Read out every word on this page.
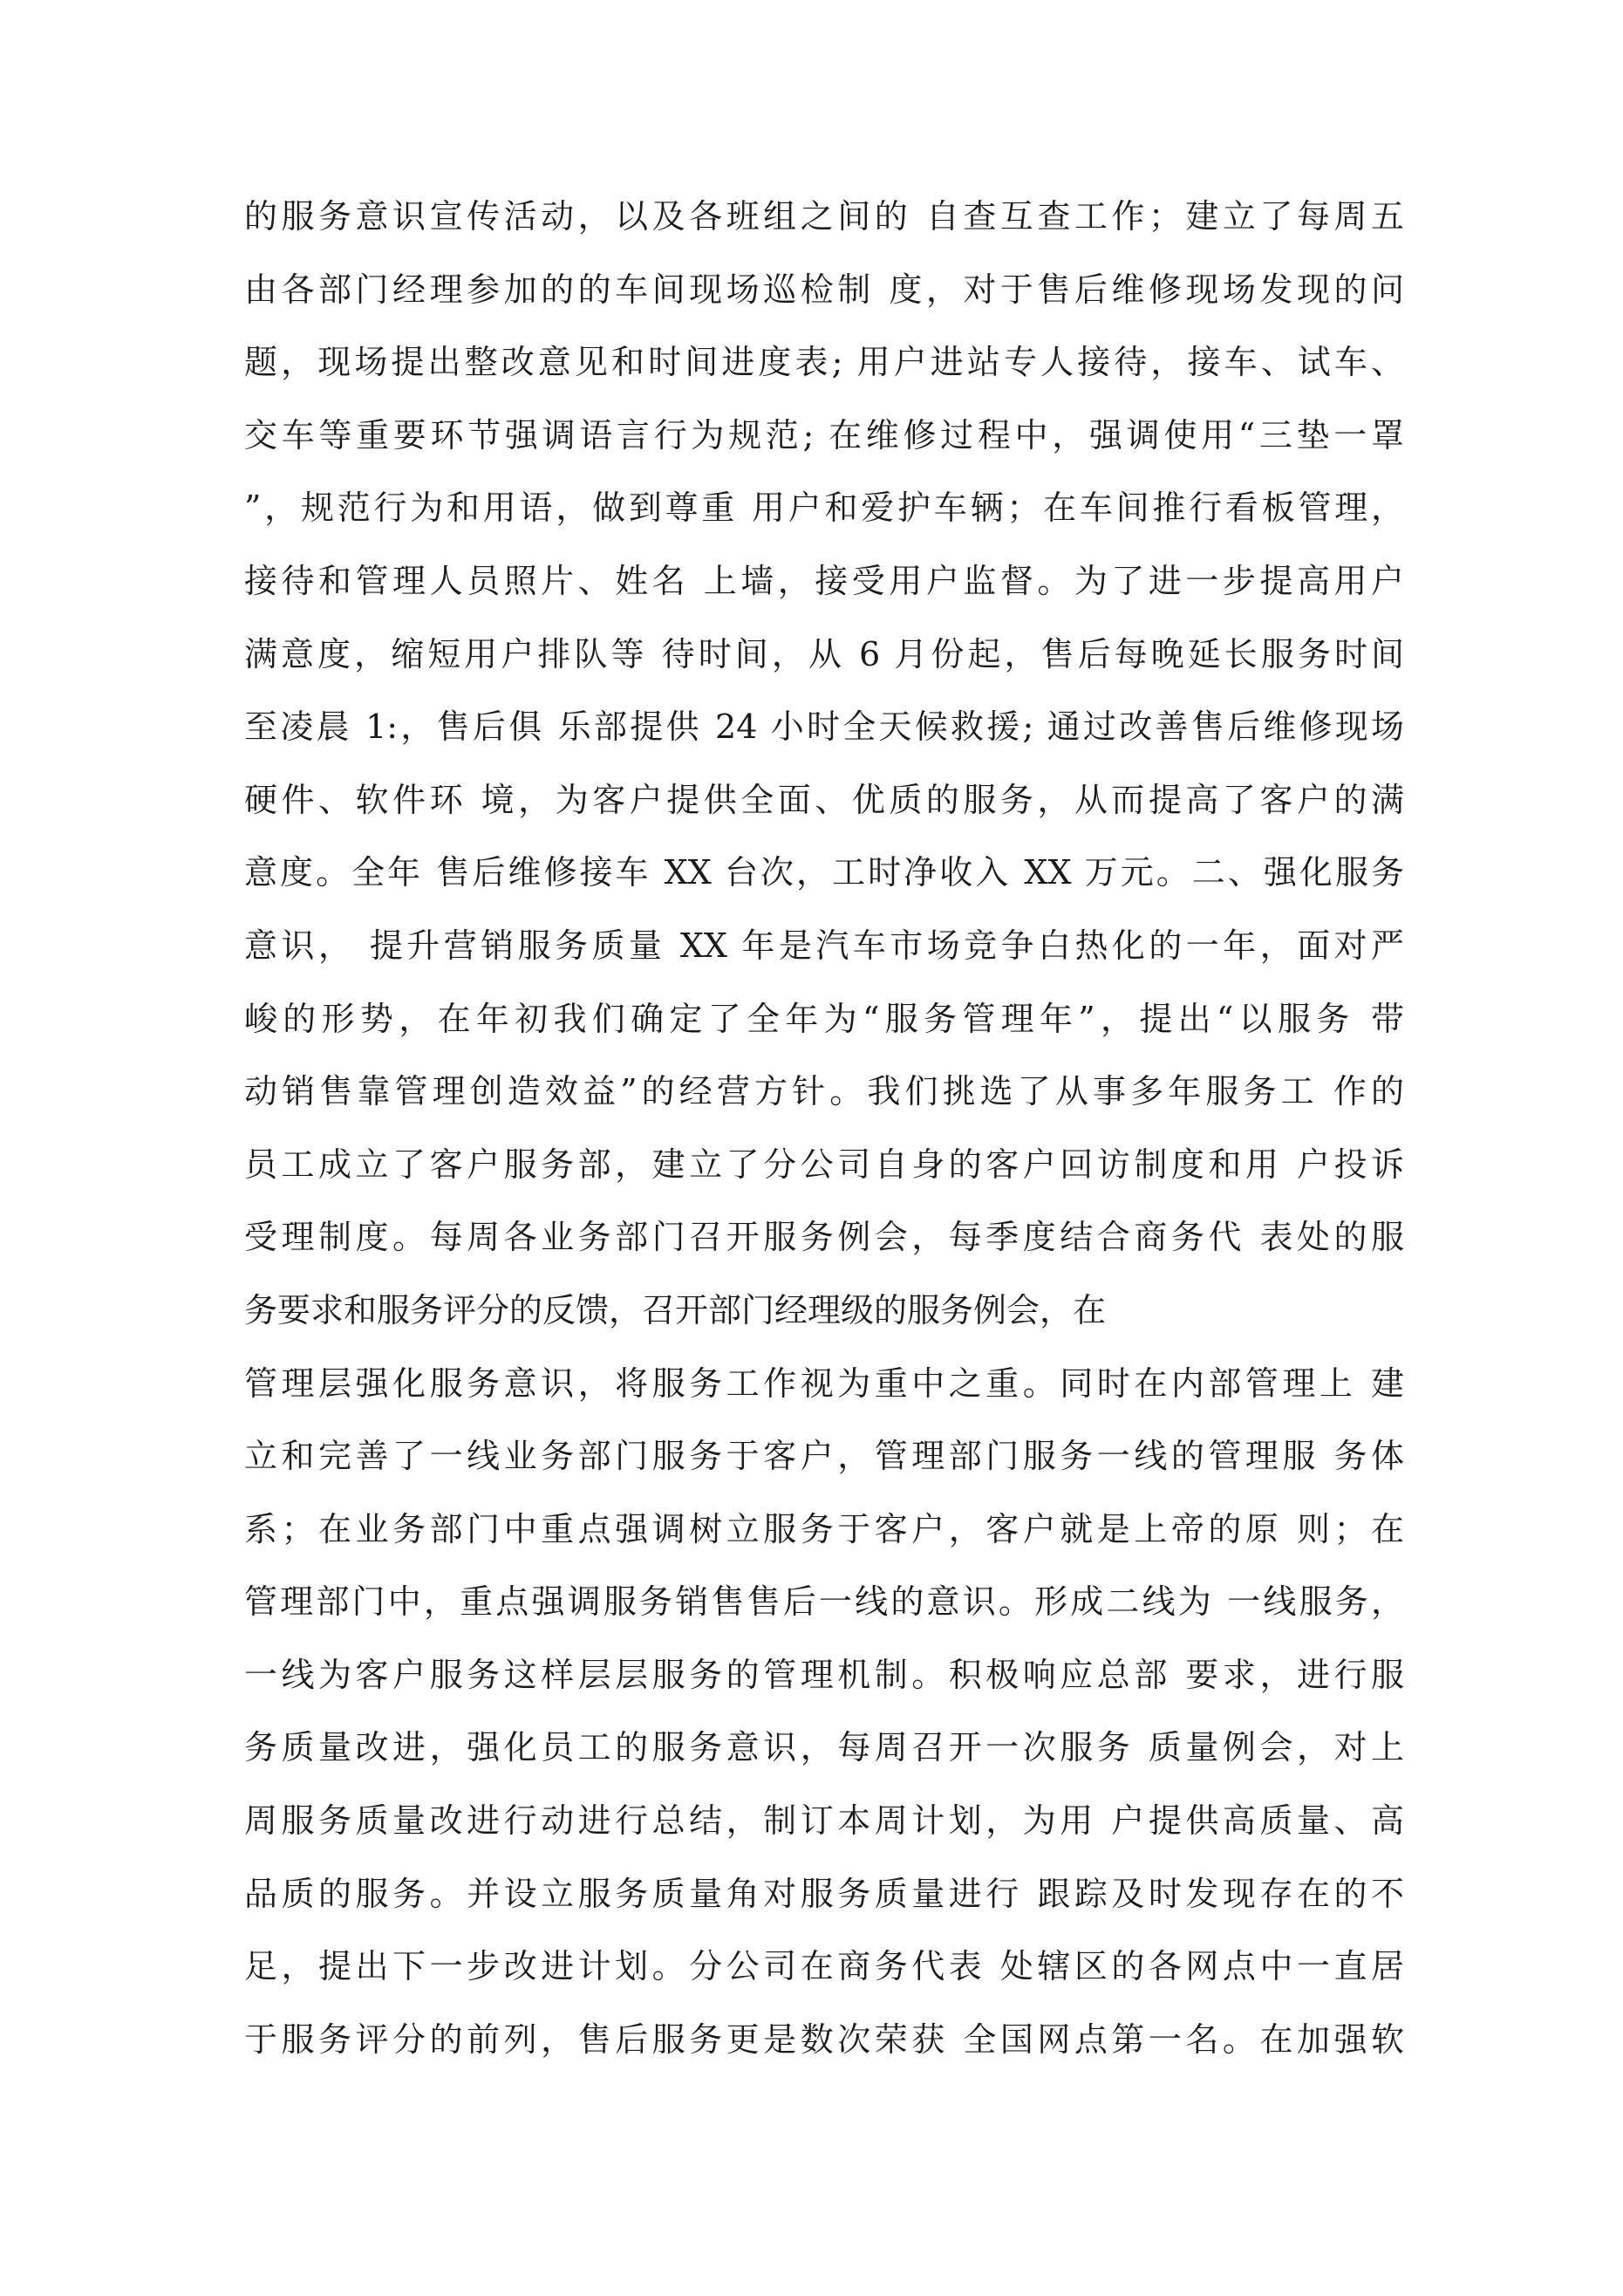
的服务意识宣传活动，以及各班组之间的 自查互查工作；建立了每周五
由各部门经理参加的的车间现场巡检制 度，对于售后维修现场发现的问
题，现场提出整改意见和时间进度表; 用户进站专人接待，接车、试车、
交车等重要环节强调语言行为规范; 在维修过程中，强调使用“三垫一罩
”，规范行为和用语，做到尊重 用户和爱护车辆；在车间推行看板管理，
接待和管理人员照片、姓名 上墙，接受用户监督。为了进一步提高用户
满意度，缩短用户排队等 待时间，从 6 月份起，售后每晚延长服务时间
至凌晨 1:，售后俱 乐部提供 24 小时全天候救援; 通过改善售后维修现场
硬件、软件环 境，为客户提供全面、优质的服务，从而提高了客户的满
意度。全年 售后维修接车 XX 台次，工时净收入 XX 万元。二、强化服务
意识， 提升营销服务质量 XX 年是汽车市场竞争白热化的一年，面对严
峻的形势，在年初我们确定了全年为“服务管理年”，提出“以服务 带
动销售靠管理创造效益”的经营方针。我们挑选了从事多年服务工 作的
员工成立了客户服务部，建立了分公司自身的客户回访制度和用 户投诉
受理制度。每周各业务部门召开服务例会，每季度结合商务代 表处的服
务要求和服务评分的反馈，召开部门经理级的服务例会，在
管理层强化服务意识，将服务工作视为重中之重。同时在内部管理上 建
立和完善了一线业务部门服务于客户，管理部门服务一线的管理服 务体
系；在业务部门中重点强调树立服务于客户，客户就是上帝的原 则；在
管理部门中，重点强调服务销售售后一线的意识。形成二线为 一线服务，
一线为客户服务这样层层服务的管理机制。积极响应总部 要求，进行服
务质量改进，强化员工的服务意识，每周召开一次服务 质量例会，对上
周服务质量改进行动进行总结，制订本周计划，为用 户提供高质量、高
品质的服务。并设立服务质量角对服务质量进行 跟踪及时发现存在的不
足，提出下一步改进计划。分公司在商务代表 处辖区的各网点中一直居
于服务评分的前列，售后服务更是数次荣获 全国网点第一名。在加强软
